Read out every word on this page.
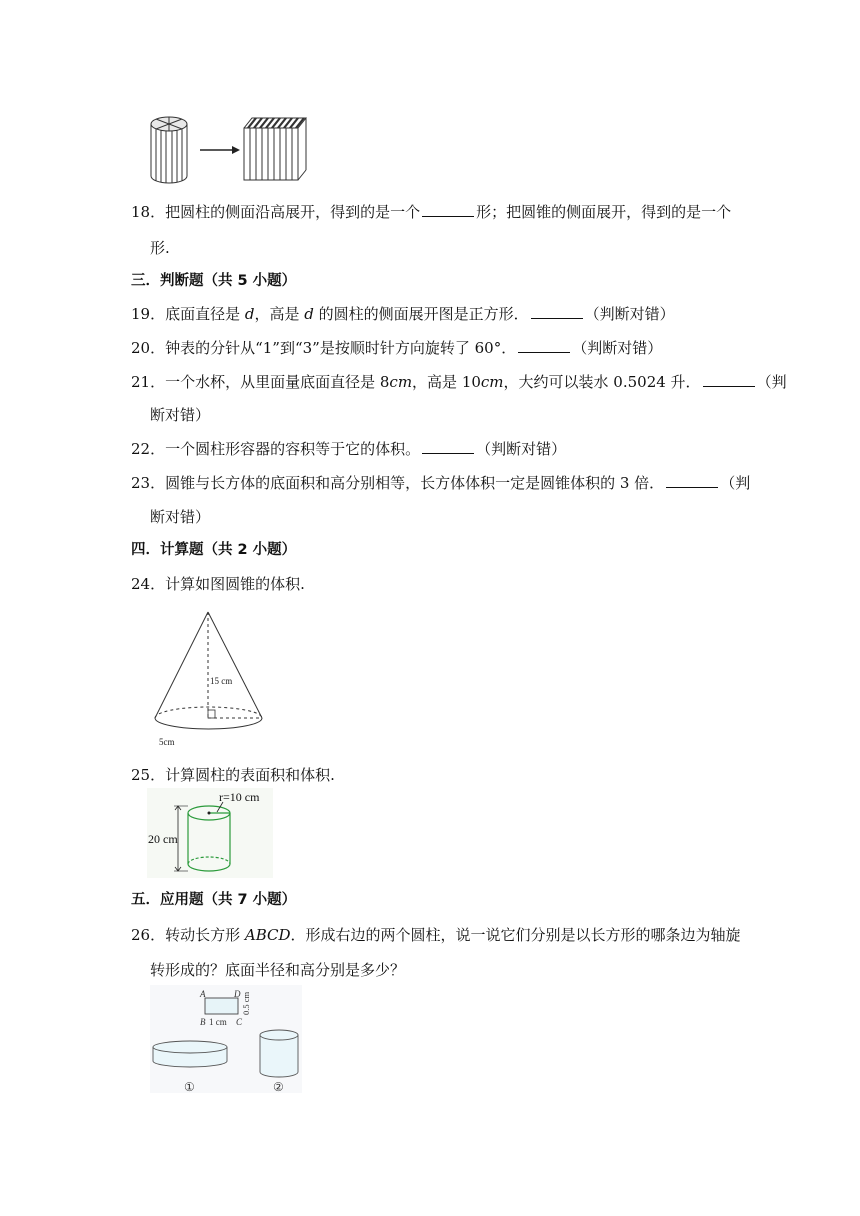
18．把圆柱的侧面沿高展开，得到的是一个	形；把圆锥的侧面展开，得到的是一个
形.
三．判断题（共 5 小题）
19．底面直径是 d，高是 d 的圆柱的侧面展开图是正方形．	（判断对错）
20．钟表的分针从“1”到“3”是按顺时针方向旋转了 60°．	（判断对错）
21．一个水杯，从里面量底面直径是 8cm，高是 10cm，大约可以装水 0.5024 升．	（判
断对错）
22．一个圆柱形容器的容积等于它的体积。	（判断对错）
23．圆锥与长方体的底面积和高分别相等，长方体体积一定是圆锥体积的 3 倍．	（判
断对错）
四．计算题（共 2 小题）
24．计算如图圆锥的体积.
15 cm
5cm
25．计算圆柱的表面积和体积.
r=10 cm
20 cm
五．应用题（共 7 小题）
26．转动长方形 ABCD．形成右边的两个圆柱，说一说它们分别是以长方形的哪条边为轴旋
转形成的？底面半径和高分别是多少？
A	D
B	C
1 cm
0.5 cm
①	②
